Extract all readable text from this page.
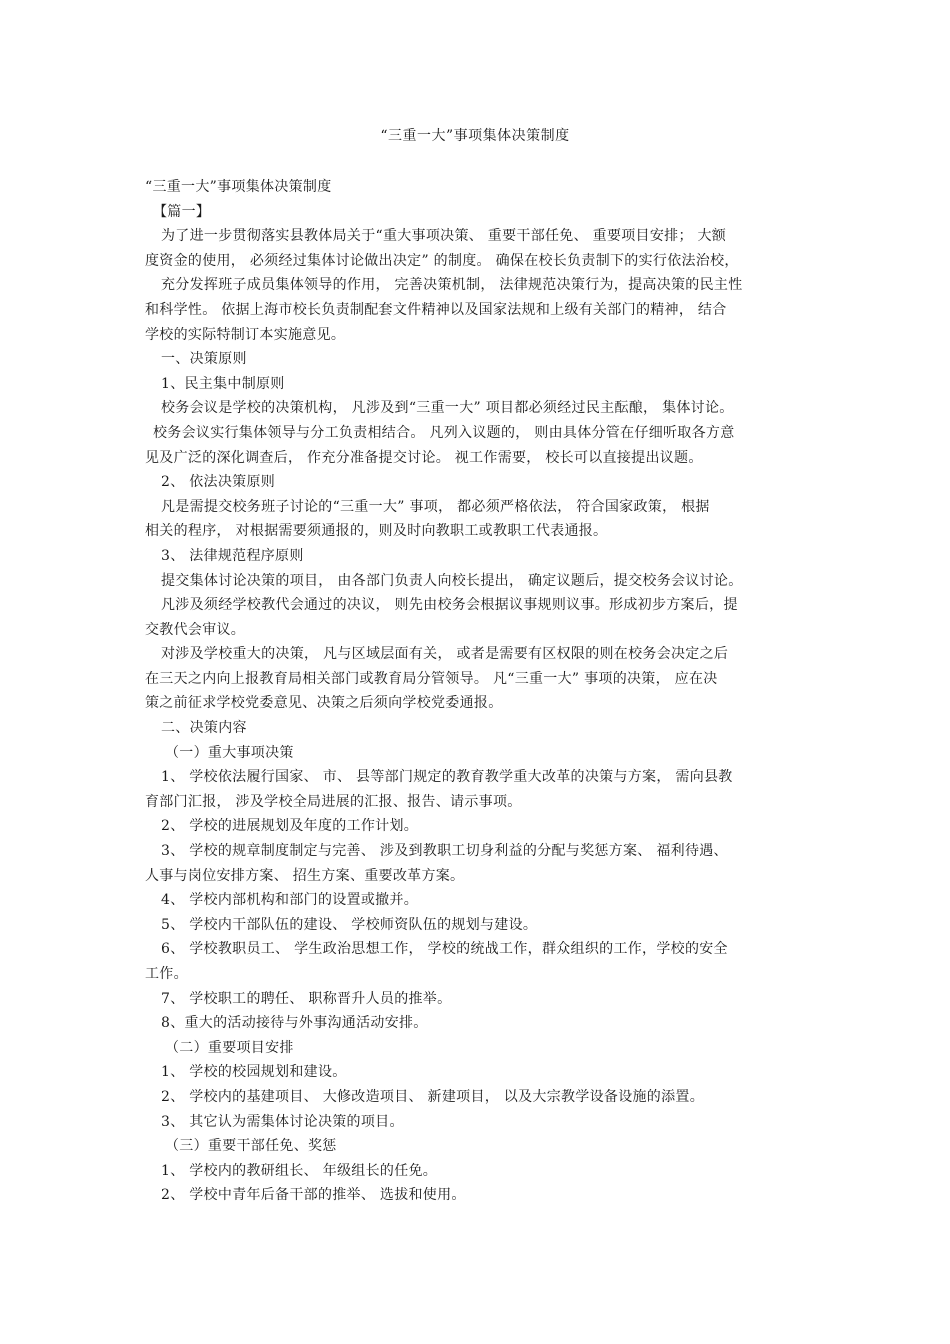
“三重一大”事项集体决策制度
“三重一大”事项集体决策制度
【篇一】
为了进一步贯彻落实县教体局关于“重大事项决策、 重要干部任免、 重要项目安排； 大额
度资金的使用， 必须经过集体讨论做出决定” 的制度。 确保在校长负责制下的实行依法治校，
充分发挥班子成员集体领导的作用， 完善决策机制， 法律规范决策行为，提高决策的民主性
和科学性。 依据上海市校长负责制配套文件精神以及国家法规和上级有关部门的精神， 结合
学校的实际特制订本实施意见。
一、决策原则
1、民主集中制原则
校务会议是学校的决策机构， 凡涉及到“三重一大” 项目都必须经过民主酝酿， 集体讨论。
校务会议实行集体领导与分工负责相结合。 凡列入议题的， 则由具体分管在仔细听取各方意
见及广泛的深化调查后， 作充分准备提交讨论。 视工作需要， 校长可以直接提出议题。
2、 依法决策原则
凡是需提交校务班子讨论的“三重一大” 事项， 都必须严格依法， 符合国家政策， 根据
相关的程序， 对根据需要须通报的，则及时向教职工或教职工代表通报。
3、 法律规范程序原则
提交集体讨论决策的项目， 由各部门负责人向校长提出， 确定议题后，提交校务会议讨论。
凡涉及须经学校教代会通过的决议， 则先由校务会根据议事规则议事。形成初步方案后，提
交教代会审议。
对涉及学校重大的决策， 凡与区域层面有关， 或者是需要有区权限的则在校务会决定之后
在三天之内向上报教育局相关部门或教育局分管领导。 凡“三重一大” 事项的决策， 应在决
策之前征求学校党委意见、决策之后须向学校党委通报。
二、决策内容
（一）重大事项决策
1、 学校依法履行国家、 市、 县等部门规定的教育教学重大改革的决策与方案， 需向县教
育部门汇报， 涉及学校全局进展的汇报、报告、请示事项。
2、 学校的进展规划及年度的工作计划。
3、 学校的规章制度制定与完善、 涉及到教职工切身利益的分配与奖惩方案、 福利待遇、
人事与岗位安排方案、 招生方案、重要改革方案。
4、 学校内部机构和部门的设置或撤并。
5、 学校内干部队伍的建设、 学校师资队伍的规划与建设。
6、 学校教职员工、 学生政治思想工作， 学校的统战工作，群众组织的工作，学校的安全
工作。
7、 学校职工的聘任、 职称晋升人员的推举。
8、重大的活动接待与外事沟通活动安排。
（二）重要项目安排
1、 学校的校园规划和建设。
2、 学校内的基建项目、 大修改造项目、 新建项目， 以及大宗教学设备设施的添置。
3、 其它认为需集体讨论决策的项目。
（三）重要干部任免、奖惩
1、 学校内的教研组长、 年级组长的任免。
2、 学校中青年后备干部的推举、 选拔和使用。
